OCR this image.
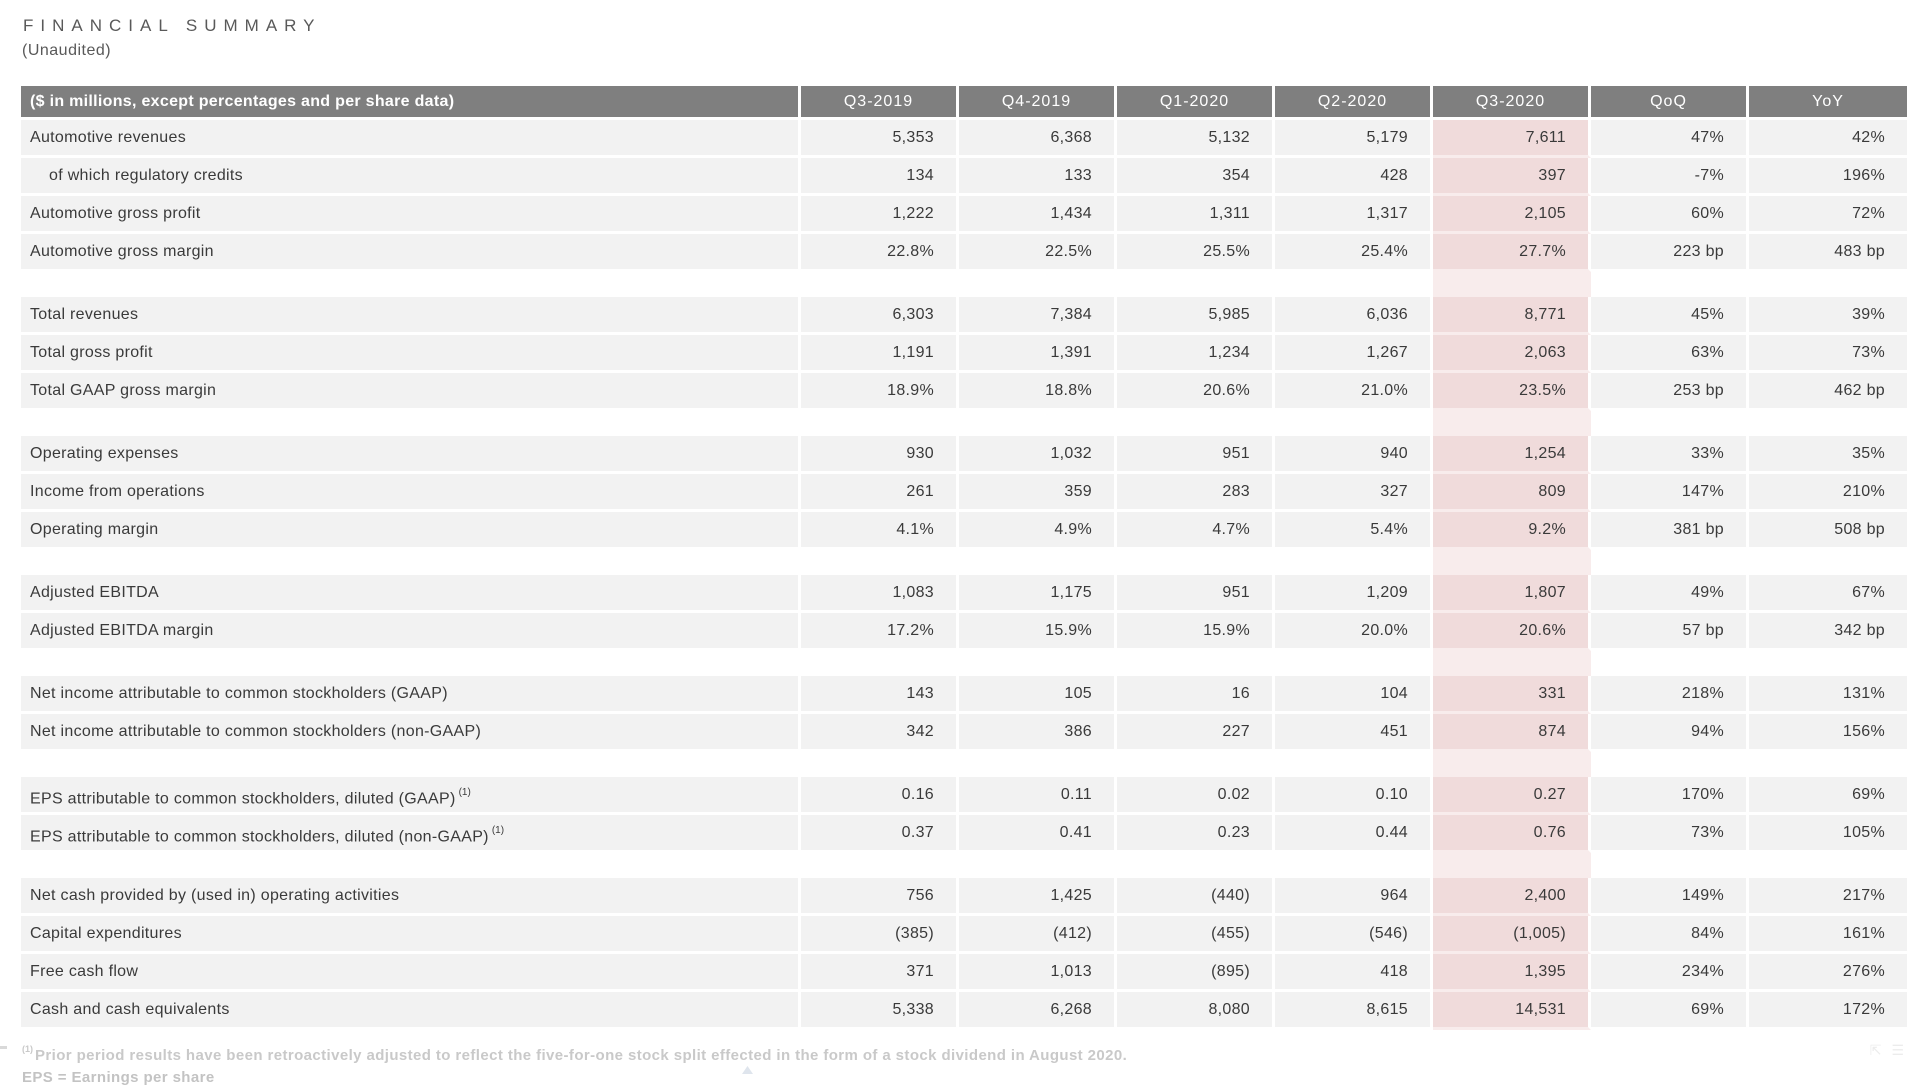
FINANCIAL SUMMARY
(Unaudited)
($ in millions, except percentages and per share data)	Q3-2019	Q4-2019	Q1-2020	Q2-2020	Q3-2020	QoQ	YoY
Automotive revenues	5,353	6,368	5,132	5,179	7,611	47%	42%
of which regulatory credits	134	133	354	428	397	-7%	196%
Automotive gross profit	1,222	1,434	1,311	1,317	2,105	60%	72%
Automotive gross margin	22.8%	22.5%	25.5%	25.4%	27.7%	223 bp	483 bp
Total revenues	6,303	7,384	5,985	6,036	8,771	45%	39%
Total gross profit	1,191	1,391	1,234	1,267	2,063	63%	73%
Total GAAP gross margin	18.9%	18.8%	20.6%	21.0%	23.5%	253 bp	462 bp
Operating expenses	930	1,032	951	940	1,254	33%	35%
Income from operations	261	359	283	327	809	147%	210%
Operating margin	4.1%	4.9%	4.7%	5.4%	9.2%	381 bp	508 bp
Adjusted EBITDA	1,083	1,175	951	1,209	1,807	49%	67%
Adjusted EBITDA margin	17.2%	15.9%	15.9%	20.0%	20.6%	57 bp	342 bp
Net income attributable to common stockholders (GAAP)	143	105	16	104	331	218%	131%
Net income attributable to common stockholders (non-GAAP)	342	386	227	451	874	94%	156%
EPS attributable to common stockholders, diluted (GAAP) $^{(1)}$	0.16	0.11	0.02	0.10	0.27	170%	69%
EPS attributable to common stockholders, diluted (non-GAAP) $^{(1)}$	0.37	0.41	0.23	0.44	0.76	73%	105%
Net cash provided by (used in) operating activities	756	1,425	(440)	964	2,400	149%	217%
Capital expenditures	(385)	(412)	(455)	(546)	(1,005)	84%	161%
Free cash flow	371	1,013	(895)	418	1,395	234%	276%
Cash and cash equivalents	5,338	6,268	8,080	8,615	14,531	69%	172%
$^{(1)}$ Prior period results have been retroactively adjusted to reflect the five-for-one stock split effected in the form of a stock dividend in August 2020.
EPS = Earnings per share
⇱ ☰
